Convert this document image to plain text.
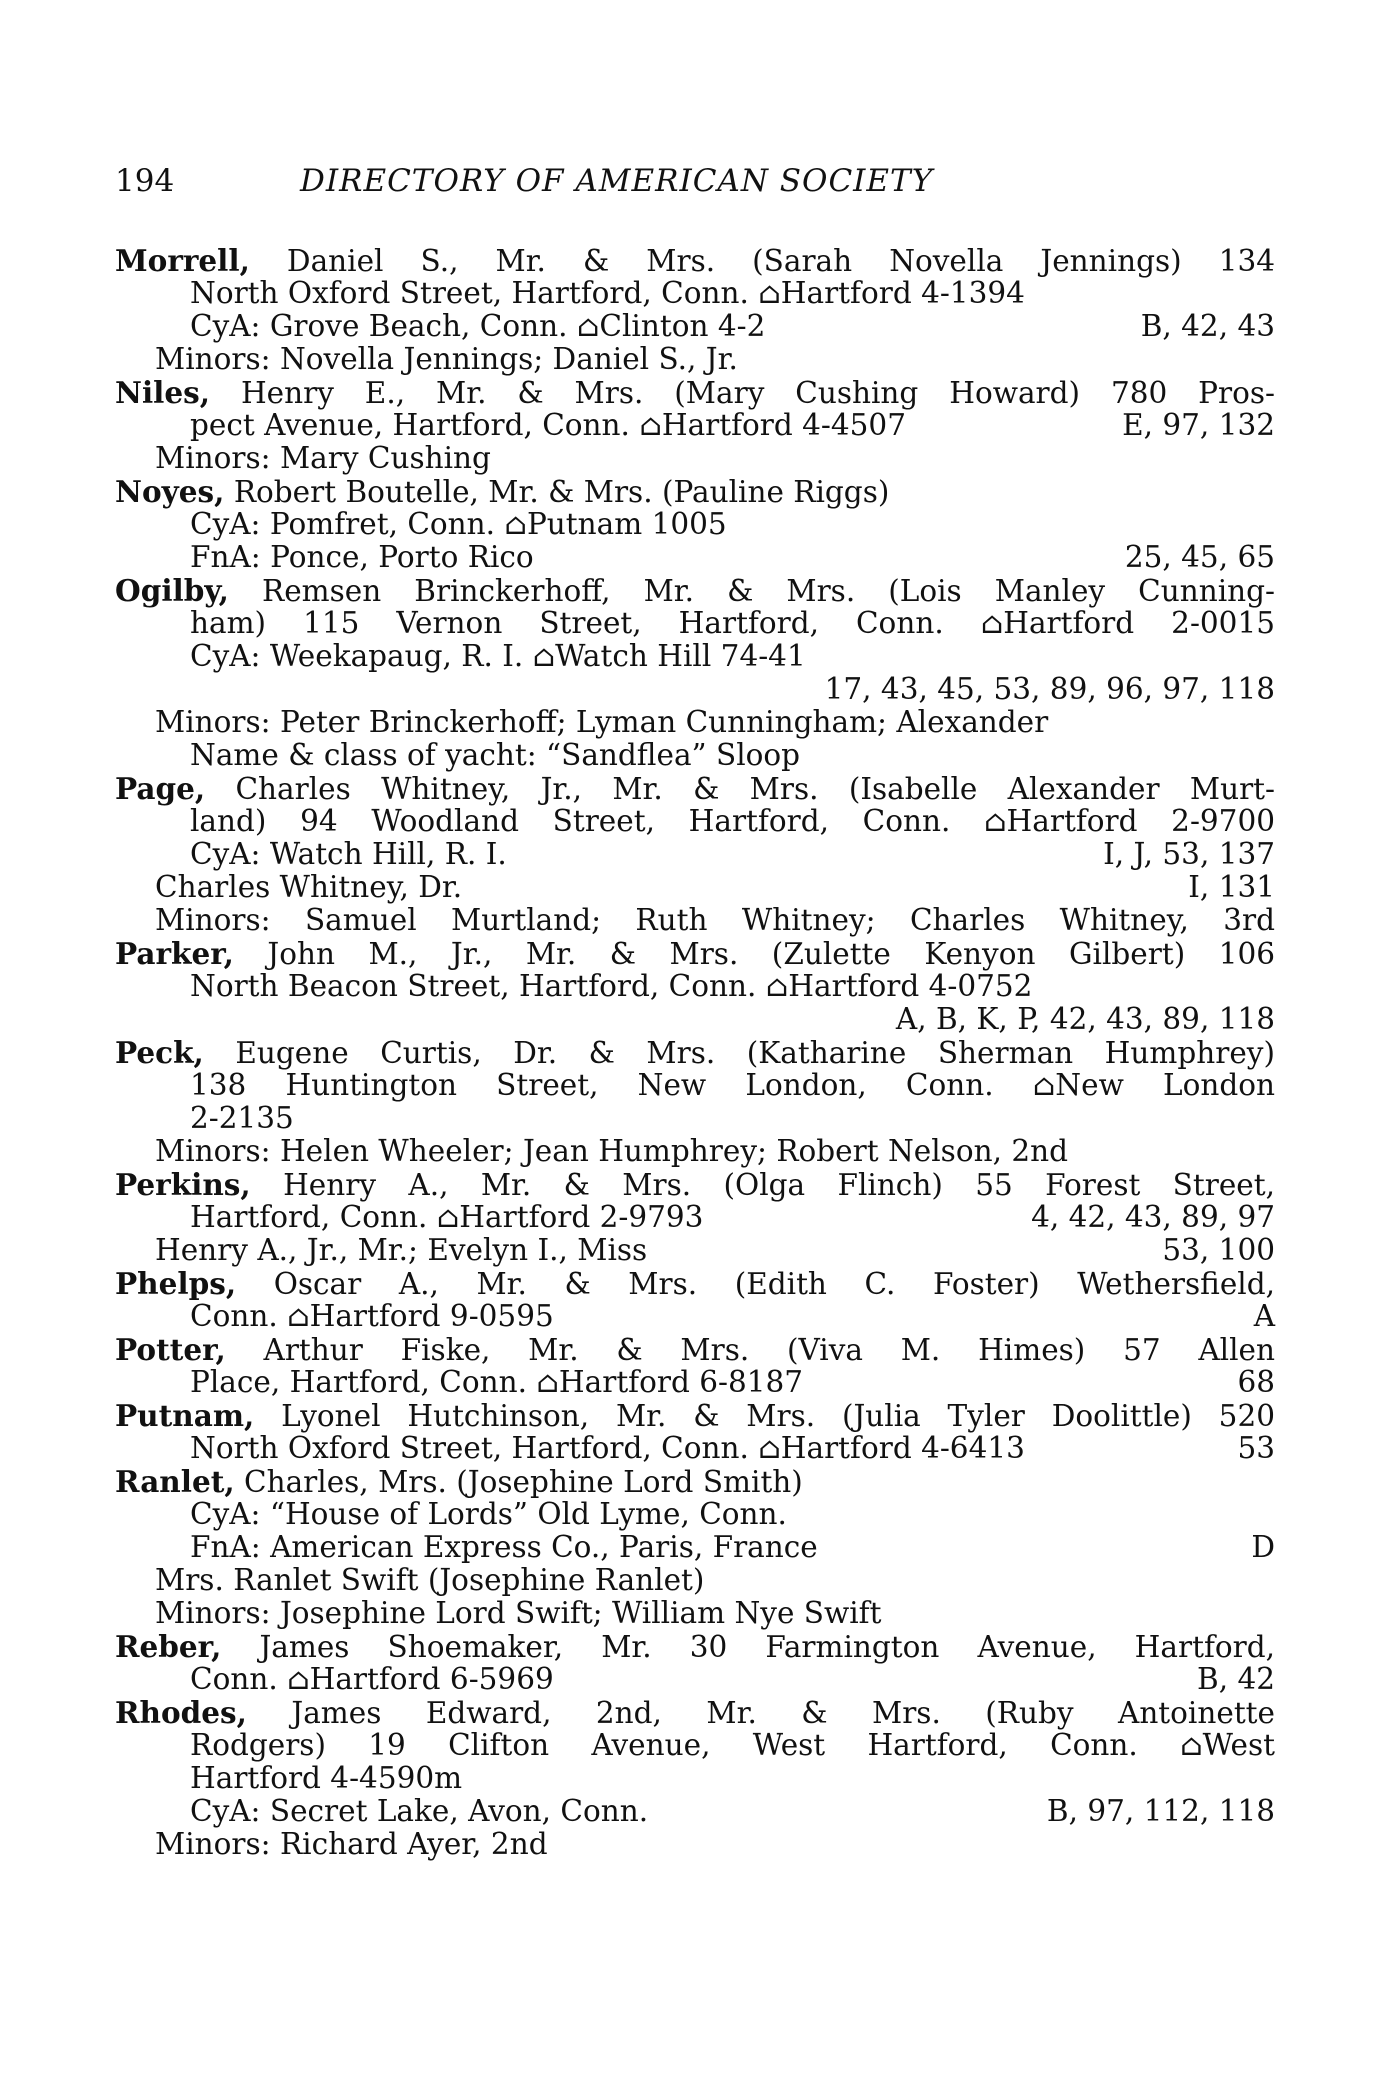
194	DIRECTORY OF AMERICAN SOCIETY
Morrell, Daniel S., Mr. & Mrs. (Sarah Novella Jennings) 134
North Oxford Street, Hartford, Conn. ⌂Hartford 4-1394
CyA: Grove Beach, Conn. ⌂Clinton 4-2	B, 42, 43
Minors: Novella Jennings; Daniel S., Jr.
Niles, Henry E., Mr. & Mrs. (Mary Cushing Howard) 780 Pros-
pect Avenue, Hartford, Conn. ⌂Hartford 4-4507	E, 97, 132
Minors: Mary Cushing
Noyes, Robert Boutelle, Mr. & Mrs. (Pauline Riggs)
CyA: Pomfret, Conn. ⌂Putnam 1005
FnA: Ponce, Porto Rico	25, 45, 65
Ogilby, Remsen Brinckerhoff, Mr. & Mrs. (Lois Manley Cunning-
ham) 115 Vernon Street, Hartford, Conn. ⌂Hartford 2-0015
CyA: Weekapaug, R. I. ⌂Watch Hill 74-41
17, 43, 45, 53, 89, 96, 97, 118
Minors: Peter Brinckerhoff; Lyman Cunningham; Alexander
Name & class of yacht: “Sandflea” Sloop
Page, Charles Whitney, Jr., Mr. & Mrs. (Isabelle Alexander Murt-
land) 94 Woodland Street, Hartford, Conn. ⌂Hartford 2-9700
CyA: Watch Hill, R. I.	I, J, 53, 137
Charles Whitney, Dr.	I, 131
Minors: Samuel Murtland; Ruth Whitney; Charles Whitney, 3rd
Parker, John M., Jr., Mr. & Mrs. (Zulette Kenyon Gilbert) 106
North Beacon Street, Hartford, Conn. ⌂Hartford 4-0752
A, B, K, P, 42, 43, 89, 118
Peck, Eugene Curtis, Dr. & Mrs. (Katharine Sherman Humphrey)
138 Huntington Street, New London, Conn. ⌂New London
2-2135
Minors: Helen Wheeler; Jean Humphrey; Robert Nelson, 2nd
Perkins, Henry A., Mr. & Mrs. (Olga Flinch) 55 Forest Street,
Hartford, Conn. ⌂Hartford 2-9793	4, 42, 43, 89, 97
Henry A., Jr., Mr.; Evelyn I., Miss	53, 100
Phelps, Oscar A., Mr. & Mrs. (Edith C. Foster) Wethersfield,
Conn. ⌂Hartford 9-0595	A
Potter, Arthur Fiske, Mr. & Mrs. (Viva M. Himes) 57 Allen
Place, Hartford, Conn. ⌂Hartford 6-8187	68
Putnam, Lyonel Hutchinson, Mr. & Mrs. (Julia Tyler Doolittle) 520
North Oxford Street, Hartford, Conn. ⌂Hartford 4-6413	53
Ranlet, Charles, Mrs. (Josephine Lord Smith)
CyA: “House of Lords” Old Lyme, Conn.
FnA: American Express Co., Paris, France	D
Mrs. Ranlet Swift (Josephine Ranlet)
Minors: Josephine Lord Swift; William Nye Swift
Reber, James Shoemaker, Mr. 30 Farmington Avenue, Hartford,
Conn. ⌂Hartford 6-5969	B, 42
Rhodes, James Edward, 2nd, Mr. & Mrs. (Ruby Antoinette
Rodgers) 19 Clifton Avenue, West Hartford, Conn. ⌂West
Hartford 4-4590m
CyA: Secret Lake, Avon, Conn.	B, 97, 112, 118
Minors: Richard Ayer, 2nd
